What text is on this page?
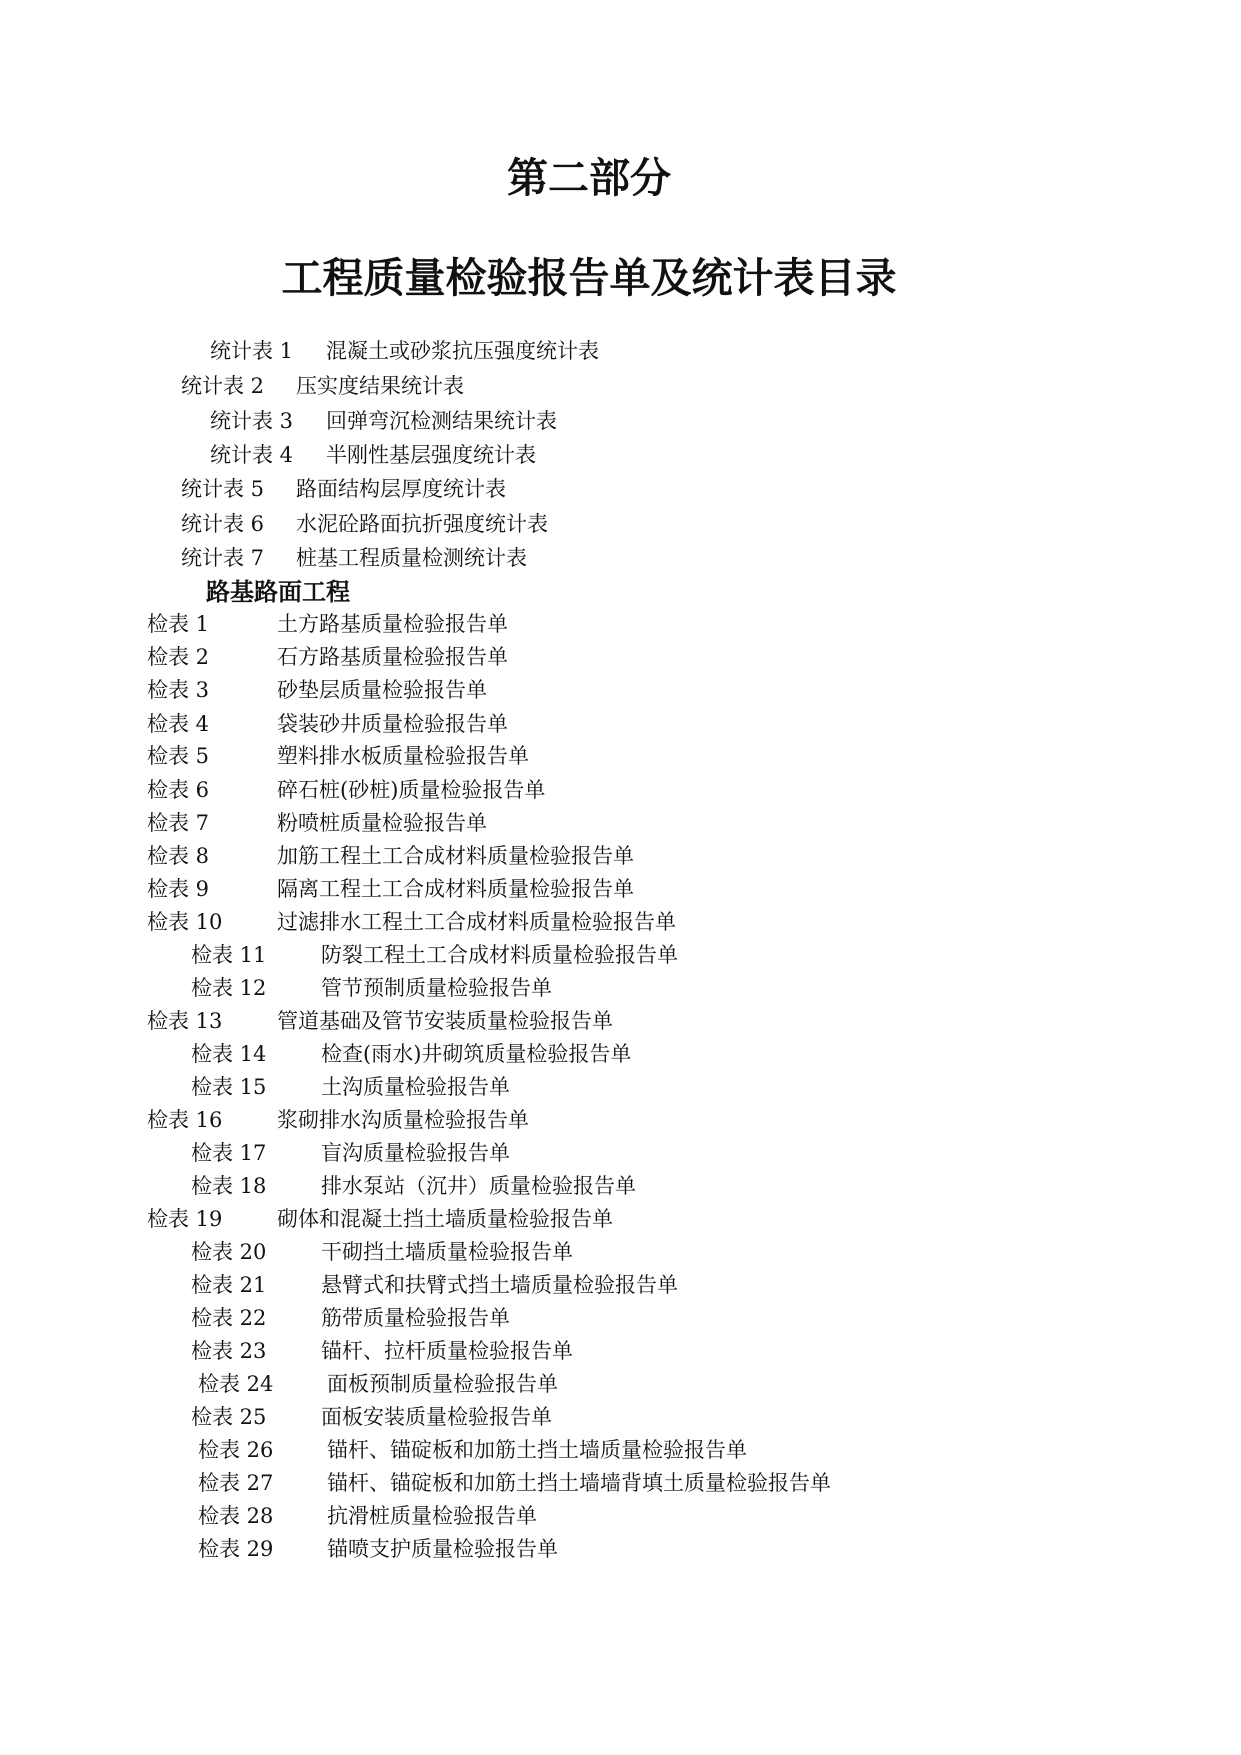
第二部分
工程质量检验报告单及统计表目录
统计表 1 混凝土或砂浆抗压强度统计表
统计表 2 压实度结果统计表
统计表 3 回弹弯沉检测结果统计表
统计表 4 半刚性基层强度统计表
统计表 5 路面结构层厚度统计表
统计表 6 水泥砼路面抗折强度统计表
统计表 7 桩基工程质量检测统计表
路基路面工程
检表 1	土方路基质量检验报告单
检表 2	石方路基质量检验报告单
检表 3	砂垫层质量检验报告单
检表 4	袋装砂井质量检验报告单
检表 5	塑料排水板质量检验报告单
检表 6	碎石桩(砂桩)质量检验报告单
检表 7	粉喷桩质量检验报告单
检表 8	加筋工程土工合成材料质量检验报告单
检表 9	隔离工程土工合成材料质量检验报告单
检表 10	过滤排水工程土工合成材料质量检验报告单
检表 11	防裂工程土工合成材料质量检验报告单
检表 12	管节预制质量检验报告单
检表 13	管道基础及管节安装质量检验报告单
检表 14	检查(雨水)井砌筑质量检验报告单
检表 15	土沟质量检验报告单
检表 16	浆砌排水沟质量检验报告单
检表 17	盲沟质量检验报告单
检表 18	排水泵站（沉井）质量检验报告单
检表 19	砌体和混凝土挡土墙质量检验报告单
检表 20	干砌挡土墙质量检验报告单
检表 21	悬臂式和扶臂式挡土墙质量检验报告单
检表 22	筋带质量检验报告单
检表 23	锚杆、拉杆质量检验报告单
检表 24	面板预制质量检验报告单
检表 25	面板安装质量检验报告单
检表 26	锚杆、锚碇板和加筋土挡土墙质量检验报告单
检表 27	锚杆、锚碇板和加筋土挡土墙墙背填土质量检验报告单
检表 28	抗滑桩质量检验报告单
检表 29	锚喷支护质量检验报告单
